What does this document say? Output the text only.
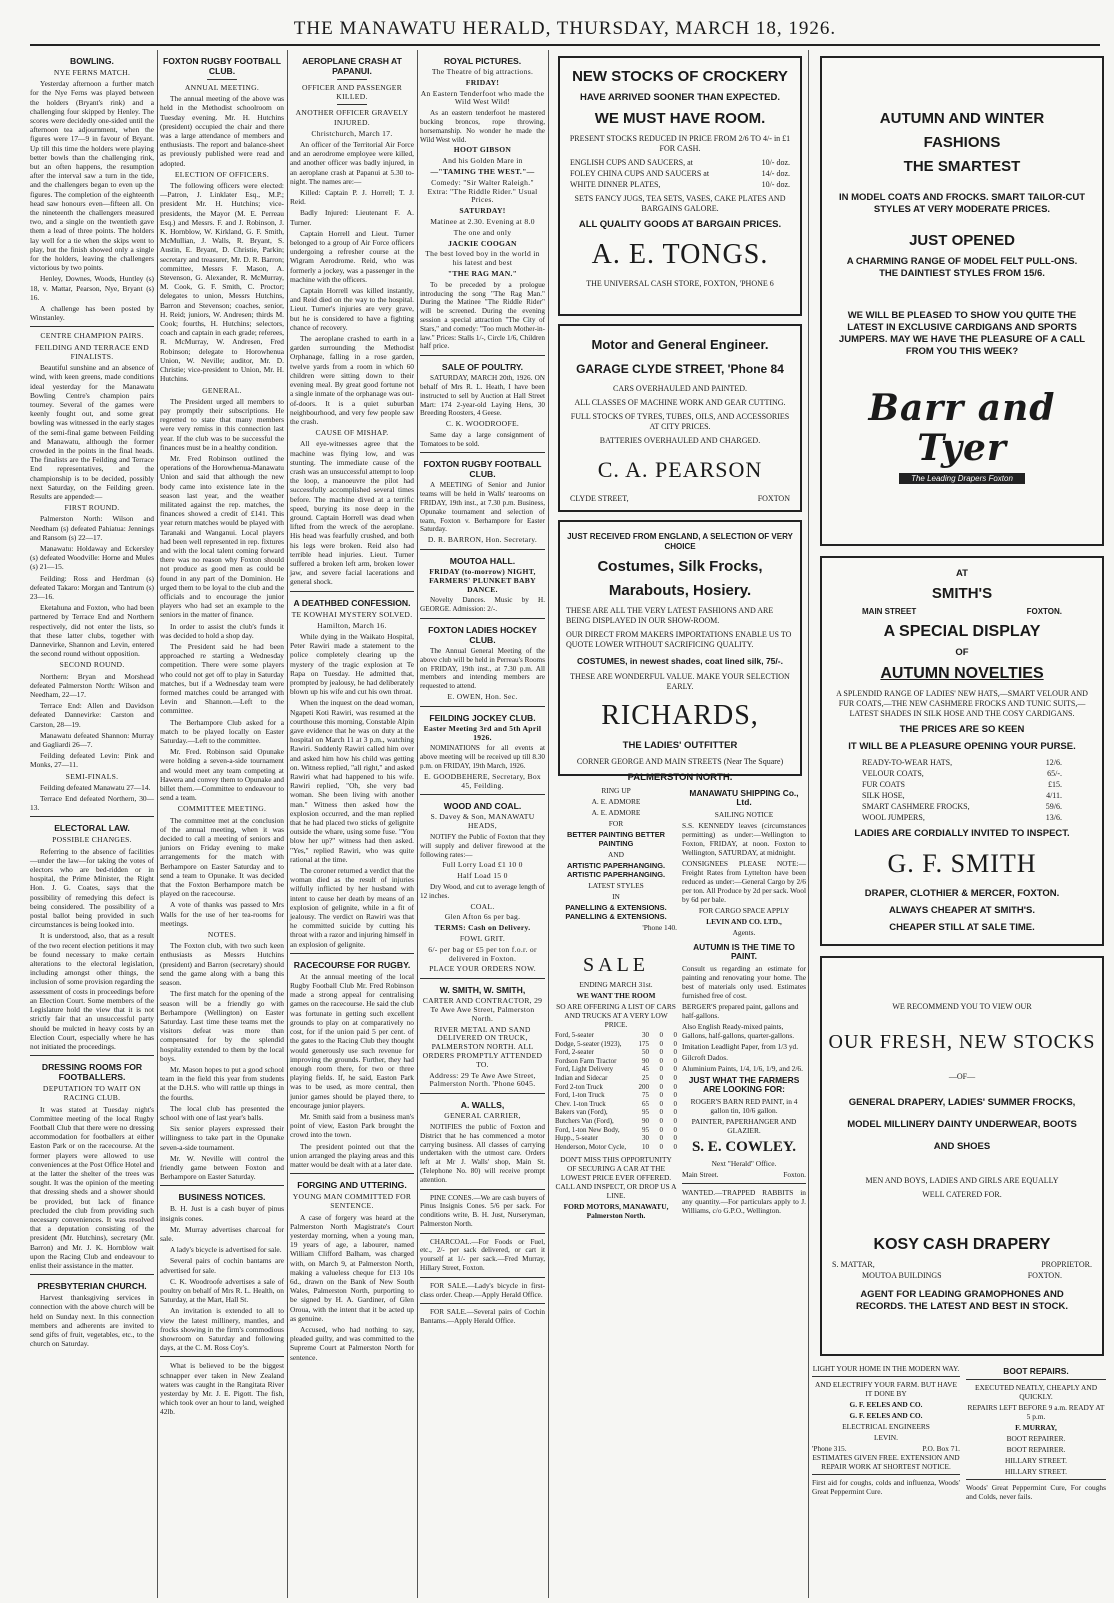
THE MANAWATU HERALD, THURSDAY, MARCH 18, 1926.
BOWLING.
NYE FERNS MATCH.

Yesterday afternoon a further match for the Nye Ferns was played between the holders (Bryant's rink) and a challenging four skipped by Henley. The scores were decidedly one-sided until the afternoon tea adjournment, when the figures were 17—9 in favour of Bryant. Up till this time the holders were playing better bowls than the challenging rink, but an often happens, the resumption after the interval saw a turn in the tide, and the challengers began to even up the figures. The completion of the eighteenth head saw honours even—fifteen all. On the nineteenth the challengers measured two, and a single on the twentieth gave them a lead of three points. The holders lay well for a tie when the skips went to play, but the finish showed only a single for the holders, leaving the challengers victorious by two points.

Henley, Downes, Woods, Huntley (s) 18, v. Mattar, Pearson, Nye, Bryant (s) 16.

A challenge has been posted by Winstanley.

CENTRE CHAMPION PAIRS.
FEILDING AND TERRACE END FINALISTS.

Beautiful sunshine and an absence of wind, with keen greens, made conditions ideal yesterday for the Manawatu Bowling Centre's champion pairs tourney. Several of the games were keenly fought out, and some great bowling was witnessed in the early stages of the semi-final game between Feilding and Manawatu, although the former crowded in the points in the final heads. The finalists are the Feilding and Terrace End representatives, and the championship is to be decided, possibly next Saturday, on the Feilding green. Results are appended:—

FIRST ROUND.

Palmerston North: Wilson and Needham (s) defeated Pahiatua: Jennings and Ransom (s) 22—17.

Manawatu: Holdaway and Eckersley (s) defeated Woodville: Horne and Mules (s) 21—15.

Feilding: Ross and Herdman (s) defeated Takaro: Morgan and Tantrum (s) 23—16.

Eketahuna and Foxton, who had been partnered by Terrace End and Northern respectively, did not enter the lists, so that these latter clubs, together with Dannevirke, Shannon and Levin, entered the second round without opposition.

SECOND ROUND.

Northern: Bryan and Morshead defeated Palmerston North: Wilson and Needham, 22—17.

Terrace End: Allen and Davidson defeated Dannevirke: Carston and Carston, 28—19.

Manawatu defeated Shannon: Murray and Gagliardi 26—7.

Feilding defeated Levin: Pink and Monks, 27—11.

SEMI-FINALS.

Feilding defeated Manawatu 27—14.

Terrace End defeated Northern, 30—13.

ELECTORAL LAW.
POSSIBLE CHANGES.

Referring to the absence of facilities—under the law—for taking the votes of electors who are bed-ridden or in hospital, the Prime Minister, the Right Hon. J. G. Coates, says that the possibility of remedying this defect is being considered. The possibility of a postal ballot being provided in such circumstances is being looked into.

It is understood, also, that as a result of the two recent election petitions it may be found necessary to make certain alterations to the electoral legislation, including amongst other things, the inclusion of some provision regarding the assessment of costs in proceedings before an Election Court. Some members of the Legislature hold the view that it is not strictly fair that an unsuccessful party should be mulcted in heavy costs by an Election Court, especially where he has not initiated the proceedings.

DRESSING ROOMS FOR FOOTBALLERS.
DEPUTATION TO WAIT ON RACING CLUB.

It was stated at Tuesday night's Committee meeting of the local Rugby Football Club that there were no dressing accommodation for footballers at either Easton Park or on the racecourse. At the former players were allowed to use conveniences at the Post Office Hotel and at the latter the shelter of the trees was sought. It was the opinion of the meeting that dressing sheds and a shower should be provided, but lack of finance precluded the club from providing such necessary conveniences. It was resolved that a deputation consisting of the president (Mr. Hutchins), secretary (Mr. Barron) and Mr. J. K. Hornblow wait upon the Racing Club and endeavour to enlist their assistance in the matter.

PRESBYTERIAN CHURCH.

Harvest thanksgiving services in connection with the above church will be held on Sunday next. In this connection members and adherents are invited to send gifts of fruit, vegetables, etc., to the church on Saturday.

FOXTON RUGBY FOOTBALL CLUB.
ANNUAL MEETING.

The annual meeting of the above was held in the Methodist schoolroom on Tuesday evening. Mr. H. Hutchins (president) occupied the chair and there was a large attendance of members and enthusiasts. The report and balance-sheet as previously published were read and adopted.

ELECTION OF OFFICERS.

The following officers were elected:—Patron, J. Linklater Esq., M.P.; president Mr. H. Hutchins; vice-presidents, the Mayor (M. E. Perreau Esq.) and Messrs. F. and J. Robinson, J. K. Hornblow, W. Kirkland, G. F. Smith, McMullian, J. Walls, R. Bryant, S. Austin, E. Bryant, D. Christie, Parkin; secretary and treasurer, Mr. D. R. Barron; committee, Messrs F. Mason, A. Stevenson, G. Alexander, R. McMurray, M. Cook, G. F. Smith, C. Proctor; delegates to union, Messrs Hutchins, Barron and Stevenson; coaches, senior, H. Reid; juniors, W. Andresen; thirds M. Cook; fourths, H. Hutchins; selectors, coach and captain in each grade; referees, R. McMurray, W. Andresen, Fred Robinson; delegate to Horowhenua Union, W. Neville; auditor, Mr. D. Christie; vice-president to Union, Mr. H. Hutchins.

GENERAL.

The President urged all members to pay promptly their subscriptions. He regretted to state that many members were very remiss in this connection last year. If the club was to be successful the finances must be in a healthy condition.

Mr. Fred Robinson outlined the operations of the Horowhenua-Manawatu Union and said that although the new body came into existence late in the season last year, and the weather militated against the rep. matches, the finances showed a credit of £141. This year return matches would be played with Taranaki and Wanganui. Local players had been well represented in rep. fixtures and with the local talent coming forward there was no reason why Foxton should not produce as good men as could be found in any part of the Dominion. He urged them to be loyal to the club and the officials and to encourage the junior players who had set an example to the seniors in the matter of finance.

In order to assist the club's funds it was decided to hold a shop day.

The President said he had been approached re starting a Wednesday competition. There were some players who could not get off to play in Saturday matches, but if a Wednesday team were formed matches could be arranged with Levin and Shannon.—Left to the committee.

The Berhampore Club asked for a match to be played locally on Easter Saturday.—Left to the committee.

Mr. Fred. Robinson said Opunake were holding a seven-a-side tournament and would meet any team competing at Hawera and convey them to Opunake and billet them.—Committee to endeavour to send a team.

COMMITTEE MEETING.

The committee met at the conclusion of the annual meeting, when it was decided to call a meeting of seniors and juniors on Friday evening to make arrangements for the match with Berhampore on Easter Saturday and to send a team to Opunake. It was decided that the Foxton Berhampore match be played on the racecourse.

A vote of thanks was passed to Mrs Walls for the use of her tea-rooms for meetings.

NOTES.

The Foxton club, with two such keen enthusiasts as Messrs Hutchins (president) and Barron (secretary) should send the game along with a bang this season.

The first match for the opening of the season will be a friendly go with Berhampore (Wellington) on Easter Saturday. Last time these teams met the visitors defeat was more than compensated for by the splendid hospitality extended to them by the local boys.

Mr. Mason hopes to put a good school team in the field this year from students at the D.H.S. who will rattle up things in the fourths.

The local club has presented the school with one of last year's balls.

Six senior players expressed their willingness to take part in the Opunake seven-a-side tournament.

Mr. W. Neville will control the friendly game between Foxton and Berhampore on Easter Saturday.

BUSINESS NOTICES.

B. H. Just is a cash buyer of pinus insignis cones.

Mr. Murray advertises charcoal for sale.

A lady's bicycle is advertised for sale.

Several pairs of cochin bantams are advertised for sale.

C. K. Woodroofe advertises a sale of poultry on behalf of Mrs R. L. Health, on Saturday, at the Mart, Hall St.

An invitation is extended to all to view the latest millinery, mantles, and frocks showing in the firm's commodious showroom on Saturday and following days, at the C. M. Ross Coy's.

What is believed to be the biggest schnapper ever taken in New Zealand waters was caught in the Rangitata River yesterday by Mr. J. E. Pigott. The fish, which took over an hour to land, weighed 42lb.

AEROPLANE CRASH AT PAPANUI.
OFFICER AND PASSENGER KILLED.
ANOTHER OFFICER GRAVELY INJURED.
Christchurch, March 17.

An officer of the Territorial Air Force and an aerodrome employee were killed, and another officer was badly injured, in an aeroplane crash at Papanui at 5.30 to-night. The names are:—

Killed: Captain P. J. Horrell; T. J. Reid.

Badly Injured: Lieutenant F. A. Turner.

Captain Horrell and Lieut. Turner belonged to a group of Air Force officers undergoing a refresher course at the Wigram Aerodrome. Reid, who was formerly a jockey, was a passenger in the machine with the officers.

Captain Horrell was killed instantly, and Reid died on the way to the hospital. Lieut. Turner's injuries are very grave, but he is considered to have a fighting chance of recovery.

The aeroplane crashed to earth in a garden surrounding the Methodist Orphanage, falling in a rose garden, twelve yards from a room in which 60 children were sitting down to their evening meal. By great good fortune not a single inmate of the orphanage was out-of-doors. It is a quiet suburban neighbourhood, and very few people saw the crash.

CAUSE OF MISHAP.

All eye-witnesses agree that the machine was flying low, and was stunting. The immediate cause of the crash was an unsuccessful attempt to loop the loop, a manoeuvre the pilot had successfully accomplished several times before. The machine dived at a terrific speed, burying its nose deep in the ground. Captain Horrell was dead when lifted from the wreck of the aeroplane. His head was fearfully crushed, and both his legs were broken. Reid also had terrible head injuries. Lieut. Turner suffered a broken left arm, broken lower jaw, and severe facial lacerations and general shock.

A DEATHBED CONFESSION.
TE KOWHAI MYSTERY SOLVED.
Hamilton, March 16.

While dying in the Waikato Hospital, Peter Rawiri made a statement to the police completely clearing up the mystery of the tragic explosion at Te Rapa on Tuesday. He admitted that, prompted by jealousy, he had deliberately blown up his wife and cut his own throat.

When the inquest on the dead woman, Ngapeti Koti Rawiri, was resumed at the courthouse this morning, Constable Alpin gave evidence that he was on duty at the hospital on March 11 at 3 p.m., watching Rawiri. Suddenly Rawiri called him over and asked him how his child was getting on. Witness replied, "all right," and asked Rawiri what had happened to his wife. Rawiri replied, "Oh, she very bad woman. She been living with another man." Witness then asked how the explosion occurred, and the man replied that he had placed two sticks of gelignite outside the whare, using some fuse. "You blow her up?" witness had then asked. "Yes," replied Rawiri, who was quite rational at the time.

The coroner returned a verdict that the woman died as the result of injuries wilfully inflicted by her husband with intent to cause her death by means of an explosion of gelignite, while in a fit of jealousy. The verdict on Rawiri was that he committed suicide by cutting his throat with a razor and injuring himself in an explosion of gelignite.

RACECOURSE FOR RUGBY.

At the annual meeting of the local Rugby Football Club Mr. Fred Robinson made a strong appeal for centralising games on the racecourse. He said the club was fortunate in getting such excellent grounds to play on at comparatively no cost, for if the union paid 5 per cent. of the gates to the Racing Club they thought would generously use such revenue for improving the grounds. Further, they had enough room there, for two or three playing fields. If, he said, Easton Park was to be used, as more central, then junior games should be played there, to encourage junior players.

Mr. Smith said from a business man's point of view, Easton Park brought the crowd into the town.

The president pointed out that the union arranged the playing areas and this matter would be dealt with at a later date.

FORGING AND UTTERING.
YOUNG MAN COMMITTED FOR SENTENCE.

A case of forgery was heard at the Palmerston North Magistrate's Court yesterday morning, when a young man, 19 years of age, a labourer, named William Clifford Balham, was charged with, on March 9, at Palmerston North, making a valueless cheque for £13 10s 6d., drawn on the Bank of New South Wales, Palmerston North, purporting to be signed by H. A. Gardiner, of Glen Oroua, with the intent that it be acted up as genuine.

Accused, who had nothing to say, pleaded guilty, and was committed to the Supreme Court at Palmerston North for sentence.

ROYAL PICTURES.
The Theatre of big attractions.
FRIDAY!
An Eastern Tenderfoot who made the Wild West Wild!

As an eastern tenderfoot he mastered bucking broncos, rope throwing, horsemanship. No wonder he made the Wild West wild.

HOOT GIBSON
And his Golden Mare in
—"TAMING THE WEST."—
Comedy: "Sir Walter Raleigh." Extra: "The Riddle Rider." Usual Prices.
SATURDAY!
Matinee at 2.30. Evening at 8.0
The one and only
JACKIE COOGAN
The best loved boy in the world in his latest and best
"THE RAG MAN."

To be preceded by a prologue introducing the song "The Rag Man." During the Matinee "The Riddle Rider" will be screened. During the evening session a special attraction "The City of Stars," and comedy: "Too much Mother-in-law." Prices: Stalls 1/-, Circle 1/6, Children half price.

SALE OF POULTRY.

SATURDAY, MARCH 20th, 1926. ON behalf of Mrs R. L. Heath, I have been instructed to sell by Auction at Hall Street Mart: 174 2-year-old Laying Hens, 30 Breeding Roosters, 4 Geese.

C. K. WOODROOFE.

Same day a large consignment of Tomatoes to be sold.

FOXTON RUGBY FOOTBALL CLUB.

A MEETING of Senior and Junior teams will be held in Walls' tearooms on FRIDAY, 19th inst., at 7.30 p.m. Business, Opunake tournament and selection of team, Foxton v. Berhampore for Easter Saturday.

D. R. BARRON, Hon. Secretary.
MOUTOA HALL.
FRIDAY (to-morrow) NIGHT, FARMERS' PLUNKET BABY DANCE.

Novelty Dances. Music by H. GEORGE. Admission: 2/-.

FOXTON LADIES HOCKEY CLUB.

The Annual General Meeting of the above club will be held in Perreau's Rooms on FRIDAY, 19th inst., at 7.30 p.m. All members and intending members are requested to attend.

E. OWEN, Hon. Sec.
FEILDING JOCKEY CLUB.
Easter Meeting 3rd and 5th April 1926.

NOMINATIONS for all events at above meeting will be received up till 8.30 p.m. on FRIDAY, 19th March, 1926.

E. GOODBEHERE, Secretary, Box 45, Feilding.
WOOD AND COAL.
S. Davey & Son, MANAWATU HEADS,

NOTIFY the Public of Foxton that they will supply and deliver firewood at the following rates:—

Full Lorry Load £1 10 0
Half Load 15 0

Dry Wood, and cut to average length of 12 inches.

COAL.
Glen Afton 6s per bag.
TERMS: Cash on Delivery.
FOWL GRIT.
6/- per bag or £5 per ton f.o.r. or delivered in Foxton.
PLACE YOUR ORDERS NOW.
W. SMITH, W. SMITH,
CARTER AND CONTRACTOR, 29 Te Awe Awe Street, Palmerston North.
RIVER METAL AND SAND DELIVERED ON TRUCK, PALMERSTON NORTH. ALL ORDERS PROMPTLY ATTENDED TO.
Address: 29 Te Awe Awe Street, Palmerston North. 'Phone 6045.
A. WALLS,
GENERAL CARRIER,

NOTIFIES the public of Foxton and District that he has commenced a motor carrying business. All classes of carrying undertaken with the utmost care. Orders left at Mr J. Walls' shop, Main St. (Telephone No. 80) will receive prompt attention.

PINE CONES.—We are cash buyers of Pinus Insignis Cones. 5/6 per sack. For conditions write, B. H. Just, Nurseryman, Palmerston North.

CHARCOAL.—For Foods or Fuel, etc., 2/- per sack delivered, or cart it yourself at 1/- per sack.—Fred Murray, Hillary Street, Foxton.

FOR SALE.—Lady's bicycle in first-class order. Cheap.—Apply Herald Office.

FOR SALE.—Several pairs of Cochin Bantams.—Apply Herald Office.

NEW STOCKS OF CROCKERY
HAVE ARRIVED SOONER THAN EXPECTED.
WE MUST HAVE ROOM.
PRESENT STOCKS REDUCED IN PRICE FROM 2/6 TO 4/- in £1 FOR CASH.
ENGLISH CUPS AND SAUCERS, at	10/- doz.
FOLEY CHINA CUPS AND SAUCERS at	14/- doz.
WHITE DINNER PLATES,	10/- doz.
SETS FANCY JUGS, TEA SETS, VASES, CAKE PLATES AND BARGAINS GALORE.
ALL QUALITY GOODS AT BARGAIN PRICES.
A. E. TONGS.
THE UNIVERSAL CASH STORE, FOXTON, 'PHONE 6
Motor and General Engineer.
GARAGE CLYDE STREET, 'Phone 84
CARS OVERHAULED AND PAINTED.
ALL CLASSES OF MACHINE WORK AND GEAR CUTTING.
FULL STOCKS OF TYRES, TUBES, OILS, AND ACCESSORIES AT CITY PRICES.
BATTERIES OVERHAULED AND CHARGED.
C. A. PEARSON
CLYDE STREET,	FOXTON
JUST RECEIVED FROM ENGLAND, A SELECTION OF VERY CHOICE
Costumes, Silk Frocks,
Marabouts, Hosiery.
THESE ARE ALL THE VERY LATEST FASHIONS AND ARE BEING DISPLAYED IN OUR SHOW-ROOM.
OUR DIRECT FROM MAKERS IMPORTATIONS ENABLE US TO QUOTE LOWER WITHOUT SACRIFICING QUALITY.
COSTUMES, in newest shades, coat lined silk, 75/-.
THESE ARE WONDERFUL VALUE. MAKE YOUR SELECTION EARLY.
RICHARDS,
THE LADIES' OUTFITTER
CORNER GEORGE AND MAIN STREETS (Near The Square)
PALMERSTON NORTH.

RING UP

A. E. ADMORE

A. E. ADMORE

FOR

BETTER PAINTING BETTER PAINTING

AND

ARTISTIC PAPERHANGING. ARTISTIC PAPERHANGING.

LATEST STYLES

IN

PANELLING & EXTENSIONS. PANELLING & EXTENSIONS.

'Phone 140.

MANAWATU SHIPPING Co., Ltd.

SAILING NOTICE

S.S. KENNEDY leaves (circumstances permitting) as under:—Wellington to Foxton, FRIDAY, at noon. Foxton to Wellington, SATURDAY, at midnight.

CONSIGNEES PLEASE NOTE:—Freight Rates from Lyttelton have been reduced as under:—General Cargo by 2/6 per ton. All Produce by 2d per sack. Wool by 6d per bale.

FOR CARGO SPACE APPLY

LEVIN AND CO. LTD.,

Agents.

SALE

ENDING MARCH 31st.

WE WANT THE ROOM

SO ARE OFFERING A LIST OF CARS AND TRUCKS AT A VERY LOW PRICE.

Ford, 5-seater	30	0	0
Dodge, 5-seater (1923),	175	0	0
Ford, 2-seater	50	0	0
Fordson Farm Tractor	90	0	0
Ford, Light Delivery	45	0	0
Indian and Sidecar	25	0	0
Ford 2-ton Truck	200	0	0
Ford, 1-ton Truck	75	0	0
Chev. 1-ton Truck	65	0	0
Bakers van (Ford),	95	0	0
Butchers Van (Ford),	90	0	0
Ford, 1-ton New Body,	95	0	0
Hupp., 5-seater	30	0	0
Henderson, Motor Cycle,	10	0	0

DON'T MISS THIS OPPORTUNITY OF SECURING A CAR AT THE LOWEST PRICE EVER OFFERED. CALL AND INSPECT, OR DROP US A LINE.

FORD MOTORS, MANAWATU, Palmerston North.

AUTUMN IS THE TIME TO PAINT.

Consult us regarding an estimate for painting and renovating your home. The best of materials only used. Estimates furnished free of cost.

BERGER'S prepared paint, gallons and half-gallons.

Also English Ready-mixed paints, Gallons, half-gallons, quarter-gallons.

Imitation Leadlight Paper, from 1/3 yd.

Gilcroft Dados.

Aluminium Paints, 1/4, 1/6, 1/9, and 2/6.

JUST WHAT THE FARMERS ARE LOOKING FOR:

ROGER'S BARN RED PAINT, in 4 gallon tin, 10/6 gallon.

PAINTER, PAPERHANGER AND GLAZIER.

S. E. COWLEY.

Next "Herald" Office.

Main Street.	Foxton.

WANTED.—TRAPPED RABBITS in any quantity.—For particulars apply to J. Williams, c/o G.P.O., Wellington.

AUTUMN AND WINTER
FASHIONS
THE SMARTEST
IN MODEL COATS AND FROCKS. SMART TAILOR-CUT STYLES AT VERY MODERATE PRICES.
JUST OPENED
A CHARMING RANGE OF MODEL FELT PULL-ONS. THE DAINTIEST STYLES FROM 15/6.
WE WILL BE PLEASED TO SHOW YOU QUITE THE LATEST IN EXCLUSIVE CARDIGANS AND SPORTS JUMPERS. MAY WE HAVE THE PLEASURE OF A CALL FROM YOU THIS WEEK?
Barr and Tyer
The Leading Drapers Foxton
AT
SMITH'S
MAIN STREET	FOXTON.
A SPECIAL DISPLAY
OF
AUTUMN NOVELTIES
A SPLENDID RANGE OF LADIES' NEW HATS,—SMART VELOUR AND FUR COATS,—THE NEW CASHMERE FROCKS AND TUNIC SUITS,—LATEST SHADES IN SILK HOSE AND THE COSY CARDIGANS.
THE PRICES ARE SO KEEN
IT WILL BE A PLEASURE OPENING YOUR PURSE.
READY-TO-WEAR HATS,	12/6.
VELOUR COATS,	65/-.
FUR COATS	£15.
SILK HOSE,	4/11.
SMART CASHMERE FROCKS,	59/6.
WOOL JUMPERS,	13/6.
LADIES ARE CORDIALLY INVITED TO INSPECT.
G. F. SMITH
DRAPER, CLOTHIER & MERCER, FOXTON.
ALWAYS CHEAPER AT SMITH'S.
CHEAPER STILL AT SALE TIME.
WE RECOMMEND YOU TO VIEW OUR
OUR FRESH, NEW STOCKS
—OF—
GENERAL DRAPERY, LADIES' SUMMER FROCKS, MODEL MILLINERY DAINTY UNDERWEAR, BOOTS AND SHOES
MEN AND BOYS, LADIES AND GIRLS ARE EQUALLY WELL CATERED FOR.
KOSY CASH DRAPERY
S. MATTAR,	PROPRIETOR.
MOUTOA BUILDINGS	FOXTON.
AGENT FOR LEADING GRAMOPHONES AND RECORDS. THE LATEST AND BEST IN STOCK.

LIGHT YOUR HOME IN THE MODERN WAY.

AND ELECTRIFY YOUR FARM. BUT HAVE IT DONE BY

G. F. EELES AND CO.

G. F. EELES AND CO.

ELECTRICAL ENGINEERS

LEVIN.

'Phone 315.	P.O. Box 71.

ESTIMATES GIVEN FREE. EXTENSION AND REPAIR WORK AT SHORTEST NOTICE.

First aid for coughs, colds and influenza, Woods' Great Peppermint Cure.

BOOT REPAIRS.

EXECUTED NEATLY, CHEAPLY AND QUICKLY.

REPAIRS LEFT BEFORE 9 a.m. READY AT 5 p.m.

F. MURRAY,

BOOT REPAIRER.

BOOT REPAIRER.

HILLARY STREET.

HILLARY STREET.

Woods' Great Peppermint Cure, For coughs and Colds, never fails.
